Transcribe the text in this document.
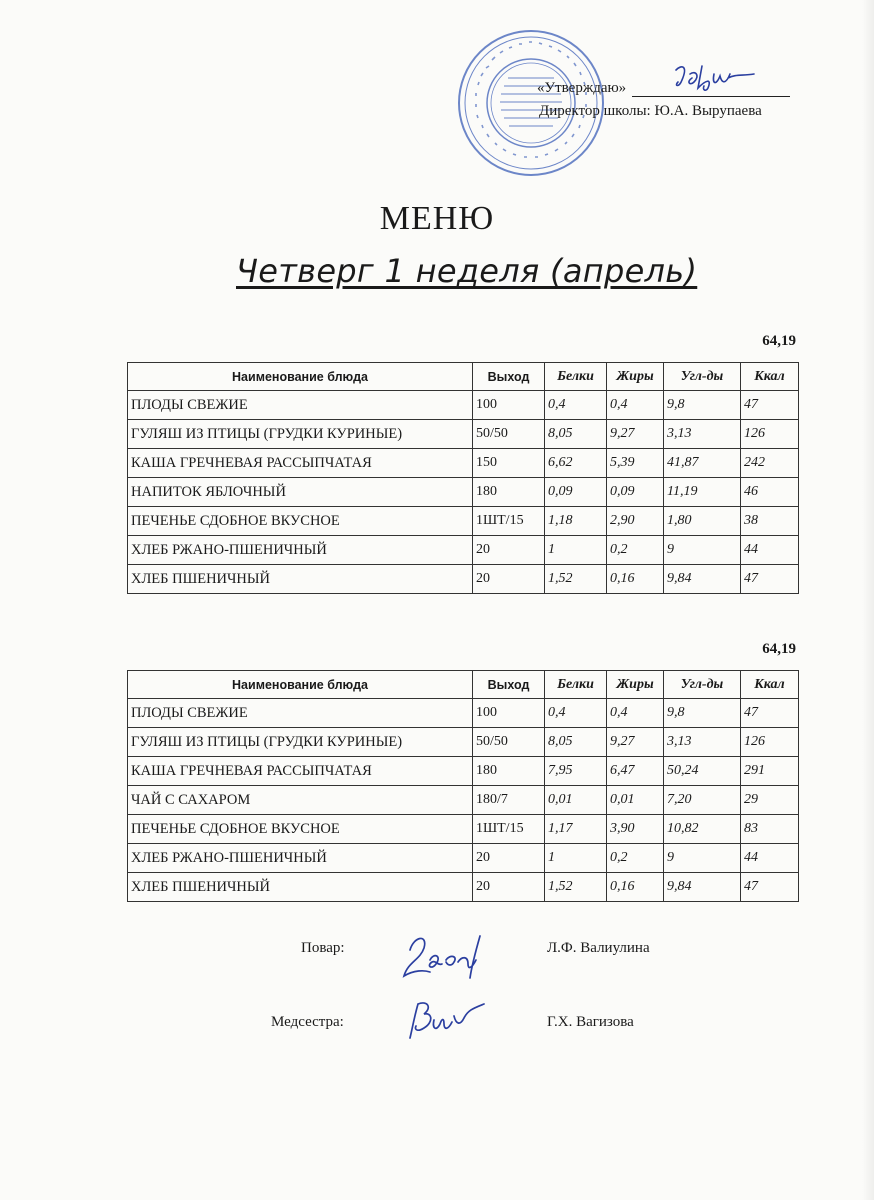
«Утверждаю»
Директор школы: Ю.А. Вырупаева
МЕНЮ
Четверг 1 неделя (апрель)
64,19
Наименование блюда	Выход	Белки	Жиры	Угл-ды	Ккал
ПЛОДЫ СВЕЖИЕ	100	0,4	0,4	9,8	47
ГУЛЯШ ИЗ ПТИЦЫ (ГРУДКИ КУРИНЫЕ)	50/50	8,05	9,27	3,13	126
КАША ГРЕЧНЕВАЯ РАССЫПЧАТАЯ	150	6,62	5,39	41,87	242
НАПИТОК ЯБЛОЧНЫЙ	180	0,09	0,09	11,19	46
ПЕЧЕНЬЕ СДОБНОЕ ВКУСНОЕ	1ШТ/15	1,18	2,90	1,80	38
ХЛЕБ РЖАНО-ПШЕНИЧНЫЙ	20	1	0,2	9	44
ХЛЕБ ПШЕНИЧНЫЙ	20	1,52	0,16	9,84	47
64,19
Наименование блюда	Выход	Белки	Жиры	Угл-ды	Ккал
ПЛОДЫ СВЕЖИЕ	100	0,4	0,4	9,8	47
ГУЛЯШ ИЗ ПТИЦЫ (ГРУДКИ КУРИНЫЕ)	50/50	8,05	9,27	3,13	126
КАША ГРЕЧНЕВАЯ РАССЫПЧАТАЯ	180	7,95	6,47	50,24	291
ЧАЙ С САХАРОМ	180/7	0,01	0,01	7,20	29
ПЕЧЕНЬЕ СДОБНОЕ ВКУСНОЕ	1ШТ/15	1,17	3,90	10,82	83
ХЛЕБ РЖАНО-ПШЕНИЧНЫЙ	20	1	0,2	9	44
ХЛЕБ ПШЕНИЧНЫЙ	20	1,52	0,16	9,84	47
Повар:	Л.Ф. Валиулина
Медсестра:	Г.Х. Вагизова
